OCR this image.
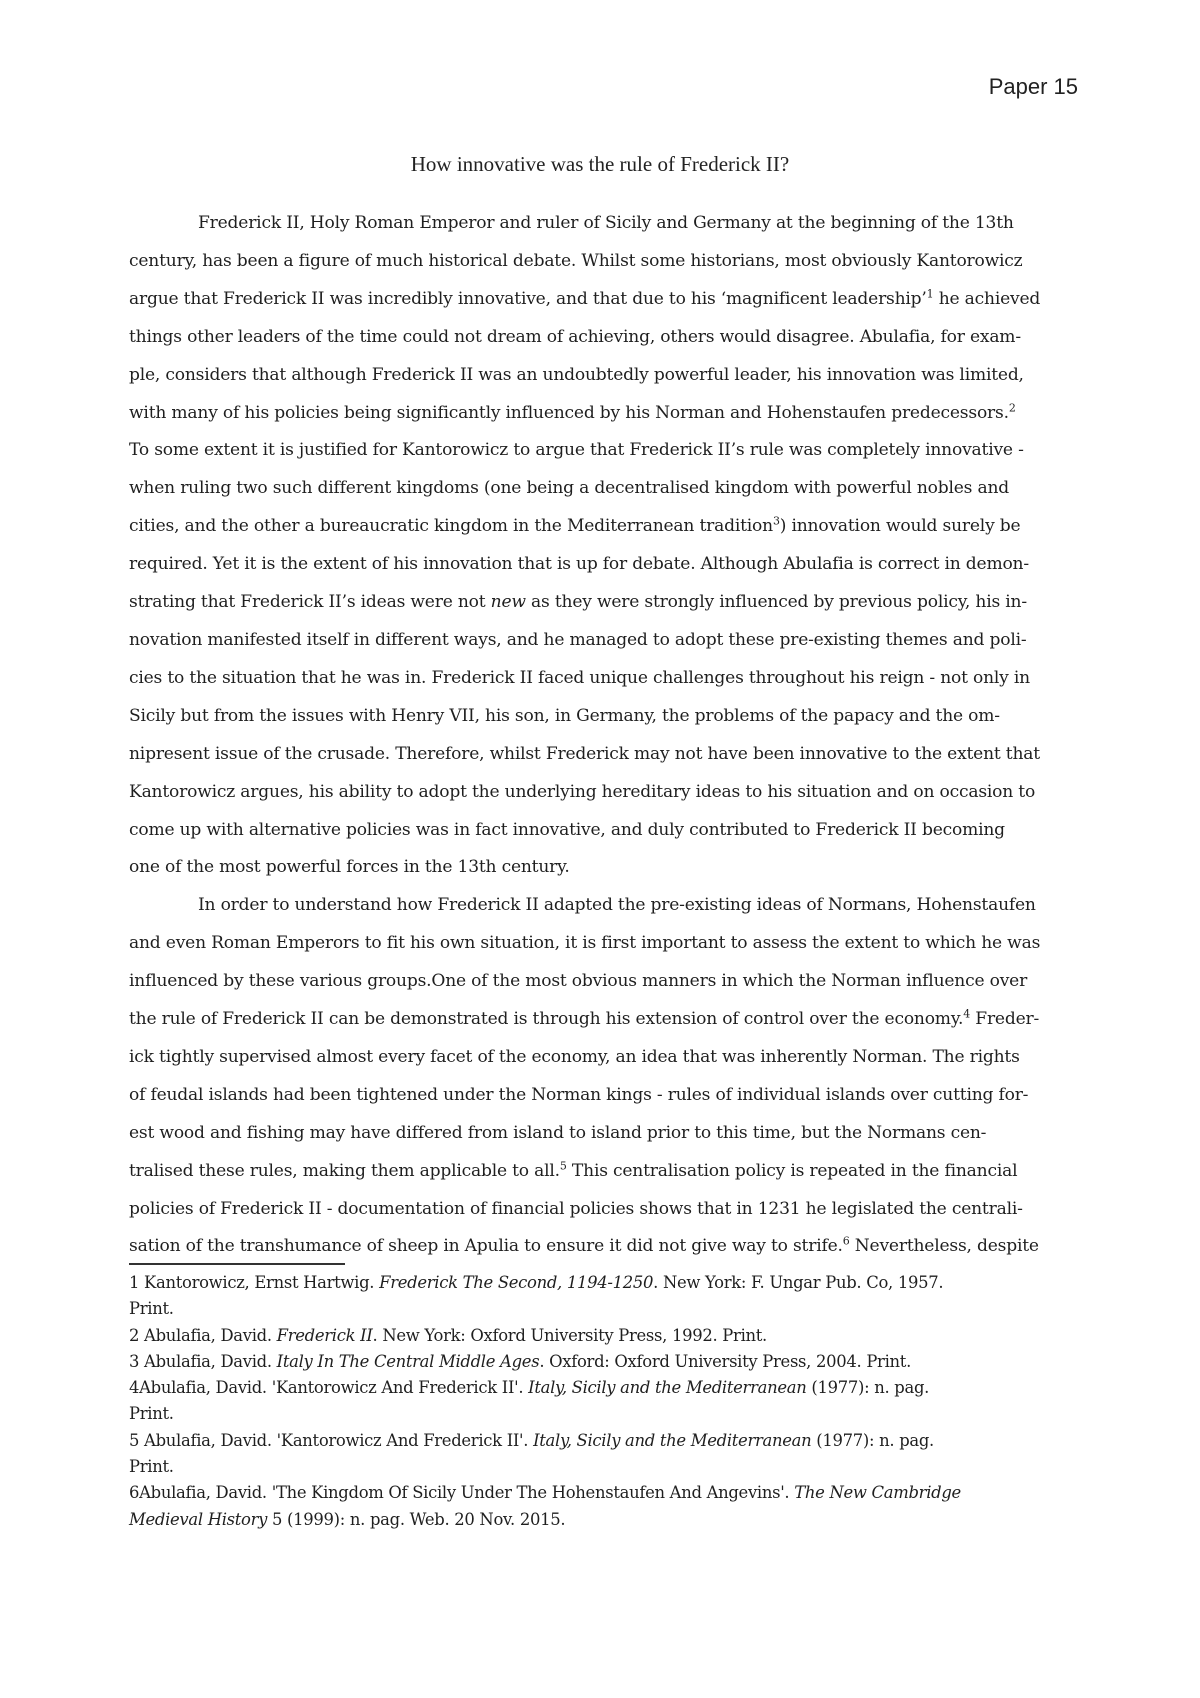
Paper 15
How innovative was the rule of Frederick II?
Frederick II, Holy Roman Emperor and ruler of Sicily and Germany at the beginning of the 13th
century, has been a figure of much historical debate. Whilst some historians, most obviously Kantorowicz
argue that Frederick II was incredibly innovative, and that due to his ‘magnificent leadership’$^1$ he achieved
things other leaders of the time could not dream of achieving, others would disagree. Abulafia, for exam-
ple, considers that although Frederick II was an undoubtedly powerful leader, his innovation was limited,
with many of his policies being significantly influenced by his Norman and Hohenstaufen predecessors.$^2$
To some extent it is justified for Kantorowicz to argue that Frederick II’s rule was completely innovative -
when ruling two such different kingdoms (one being a decentralised kingdom with powerful nobles and
cities, and the other a bureaucratic kingdom in the Mediterranean tradition$^3$) innovation would surely be
required. Yet it is the extent of his innovation that is up for debate. Although Abulafia is correct in demon-
strating that Frederick II’s ideas were not new as they were strongly influenced by previous policy, his in-
novation manifested itself in different ways, and he managed to adopt these pre-existing themes and poli-
cies to the situation that he was in. Frederick II faced unique challenges throughout his reign - not only in
Sicily but from the issues with Henry VII, his son, in Germany, the problems of the papacy and the om-
nipresent issue of the crusade. Therefore, whilst Frederick may not have been innovative to the extent that
Kantorowicz argues, his ability to adopt the underlying hereditary ideas to his situation and on occasion to
come up with alternative policies was in fact innovative, and duly contributed to Frederick II becoming
one of the most powerful forces in the 13th century.
In order to understand how Frederick II adapted the pre-existing ideas of Normans, Hohenstaufen
and even Roman Emperors to fit his own situation, it is first important to assess the extent to which he was
influenced by these various groups.One of the most obvious manners in which the Norman influence over
the rule of Frederick II can be demonstrated is through his extension of control over the economy.$^4$ Freder-
ick tightly supervised almost every facet of the economy, an idea that was inherently Norman. The rights
of feudal islands had been tightened under the Norman kings - rules of individual islands over cutting for-
est wood and fishing may have differed from island to island prior to this time, but the Normans cen-
tralised these rules, making them applicable to all.$^5$ This centralisation policy is repeated in the financial
policies of Frederick II - documentation of financial policies shows that in 1231 he legislated the centrali-
sation of the transhumance of sheep in Apulia to ensure it did not give way to strife.$^6$ Nevertheless, despite
1 Kantorowicz, Ernst Hartwig. Frederick The Second, 1194-1250. New York: F. Ungar Pub. Co, 1957.
Print.
2 Abulafia, David. Frederick II. New York: Oxford University Press, 1992. Print.
3 Abulafia, David. Italy In The Central Middle Ages. Oxford: Oxford University Press, 2004. Print.
4Abulafia, David. 'Kantorowicz And Frederick II'. Italy, Sicily and the Mediterranean (1977): n. pag.
Print.
5 Abulafia, David. 'Kantorowicz And Frederick II'. Italy, Sicily and the Mediterranean (1977): n. pag.
Print.
6Abulafia, David. 'The Kingdom Of Sicily Under The Hohenstaufen And Angevins'. The New Cambridge
Medieval History 5 (1999): n. pag. Web. 20 Nov. 2015.
